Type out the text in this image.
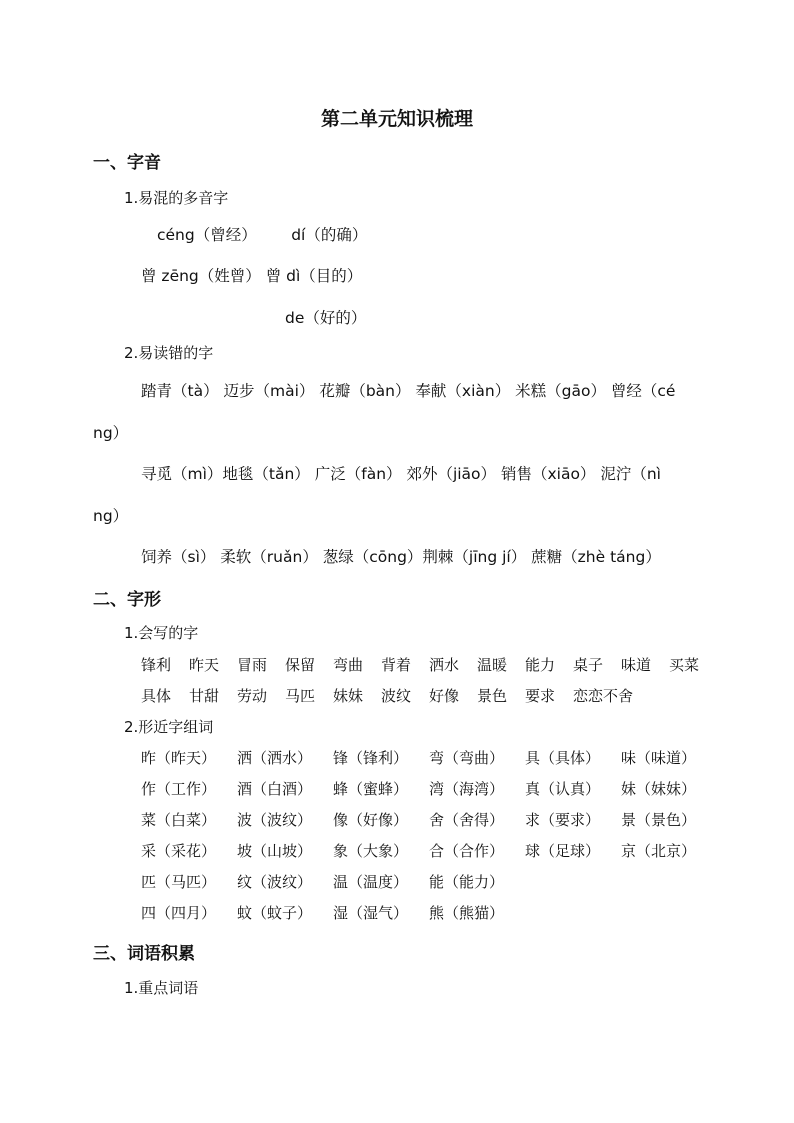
第二单元知识梳理
一、字音
1.易混的多音字
céng（曾经）       dí（的确）
曾 zēng（姓曾） 曾 dì（目的）
de（好的）
2.易读错的字
踏青（tà） 迈步（mài） 花瓣（bàn） 奉献（xiàn） 米糕（gāo） 曾经（cé
ng）
寻觅（mì）地毯（tǎn） 广泛（fàn） 郊外（jiāo） 销售（xiāo） 泥泞（nì
ng）
饲养（sì） 柔软（ruǎn） 葱绿（cōng）荆棘（jīng jí） 蔗糖（zhè táng）
二、字形
1.会写的字
锋利 昨天 冒雨 保留 弯曲 背着 洒水 温暖 能力 桌子 味道 买菜
具体 甘甜 劳动 马匹 妹妹 波纹 好像 景色 要求 恋恋不舍
2.形近字组词
昨（昨天） 洒（洒水） 锋（锋利） 弯（弯曲） 具（具体） 味（味道）
作（工作） 酒（白酒） 蜂（蜜蜂） 湾（海湾） 真（认真） 妹（妹妹）
菜（白菜） 波（波纹） 像（好像） 舍（舍得） 求（要求） 景（景色）
采（采花） 坡（山坡） 象（大象） 合（合作） 球（足球） 京（北京）
匹（马匹） 纹（波纹） 温（温度） 能（能力）
四（四月） 蚊（蚊子） 湿（湿气） 熊（熊猫）
三、词语积累
1.重点词语
